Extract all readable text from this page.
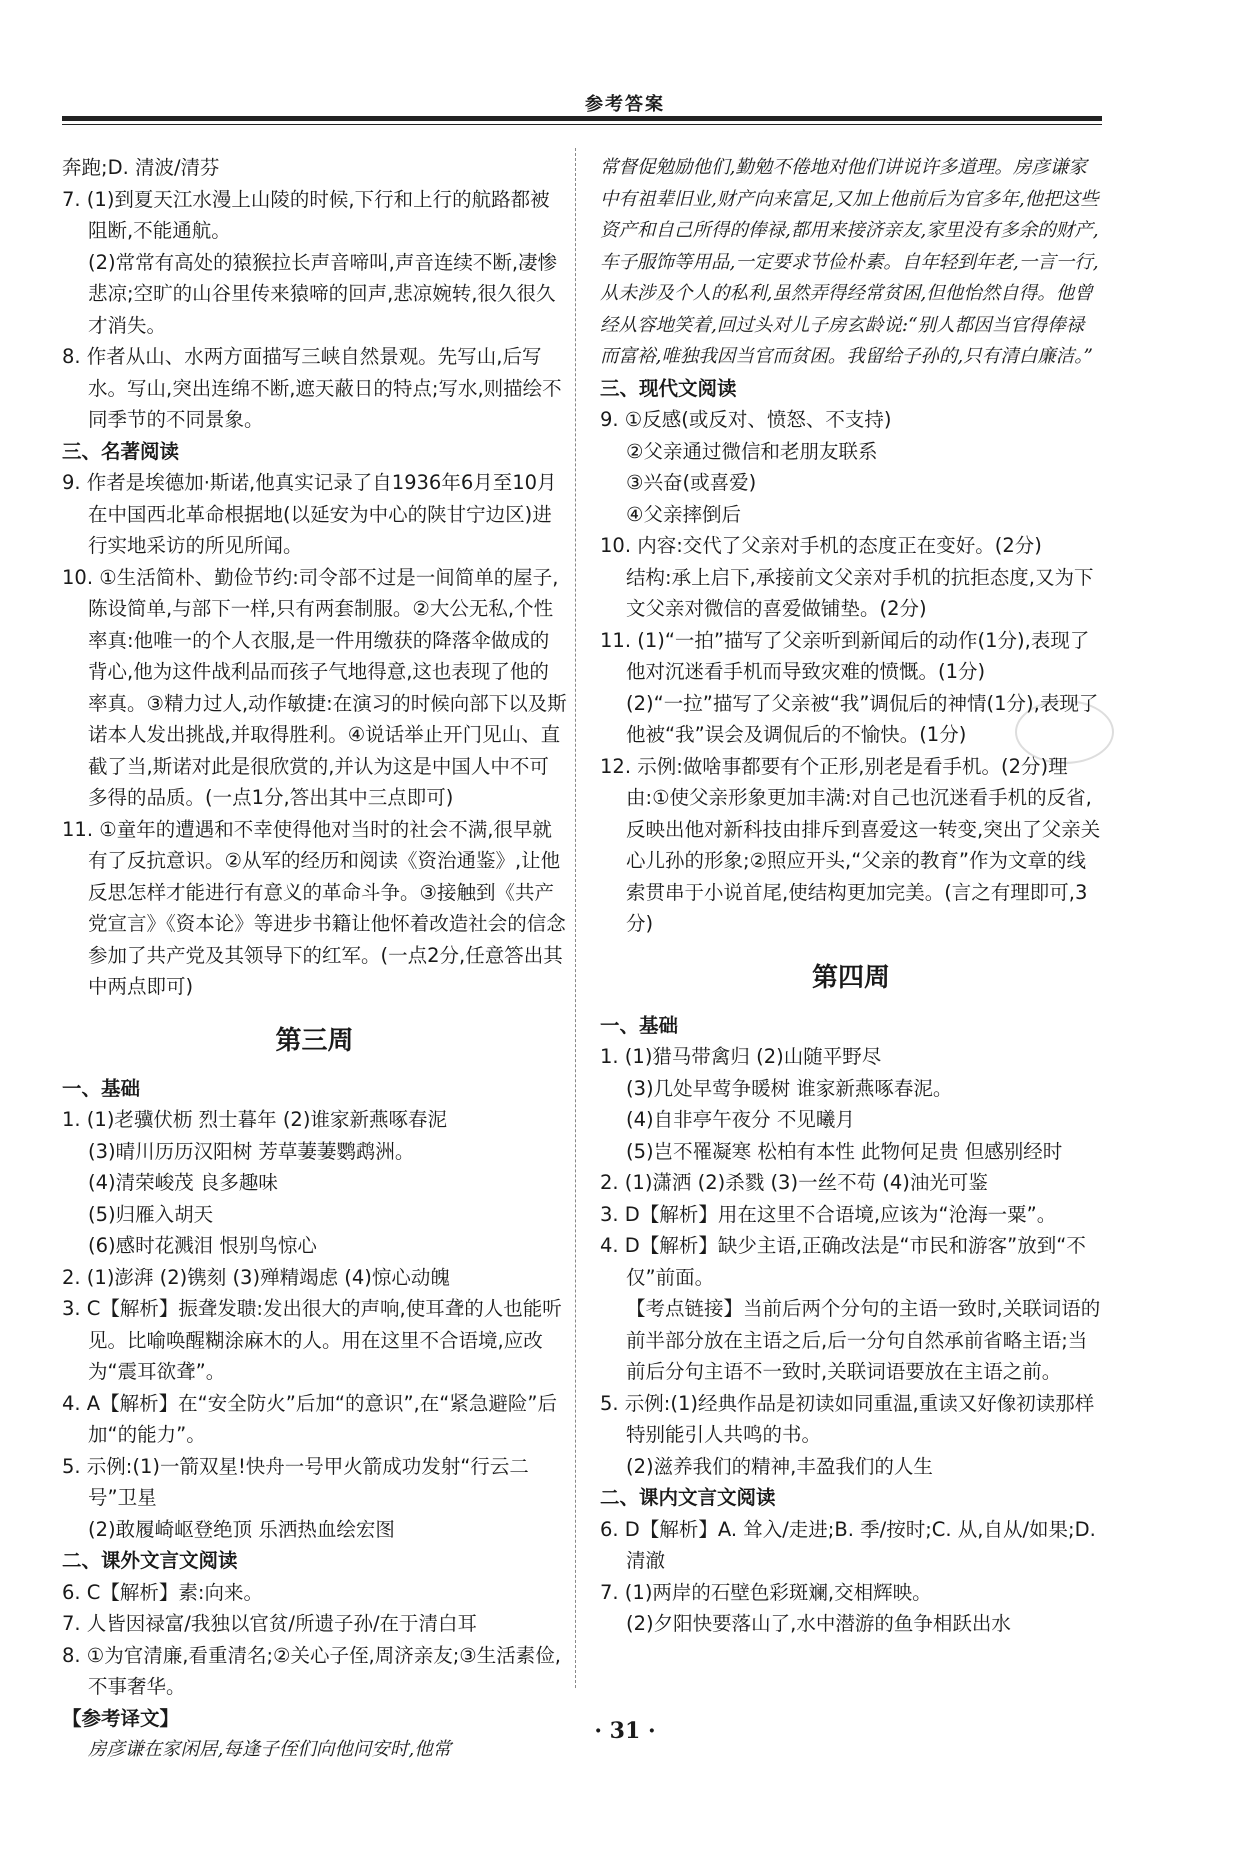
参考答案

奔跑;D. 清波/清芬

7. (1)到夏天江水漫上山陵的时候,下行和上行的航路都被阻断,不能通航。

(2)常常有高处的猿猴拉长声音啼叫,声音连续不断,凄惨悲凉;空旷的山谷里传来猿啼的回声,悲凉婉转,很久很久才消失。

8. 作者从山、水两方面描写三峡自然景观。先写山,后写水。写山,突出连绵不断,遮天蔽日的特点;写水,则描绘不同季节的不同景象。

三、名著阅读

9. 作者是埃德加·斯诺,他真实记录了自1936年6月至10月在中国西北革命根据地(以延安为中心的陕甘宁边区)进行实地采访的所见所闻。

10. ①生活简朴、勤俭节约:司令部不过是一间简单的屋子,陈设简单,与部下一样,只有两套制服。②大公无私,个性率真:他唯一的个人衣服,是一件用缴获的降落伞做成的背心,他为这件战利品而孩子气地得意,这也表现了他的率真。③精力过人,动作敏捷:在演习的时候向部下以及斯诺本人发出挑战,并取得胜利。④说话举止开门见山、直截了当,斯诺对此是很欣赏的,并认为这是中国人中不可多得的品质。(一点1分,答出其中三点即可)

11. ①童年的遭遇和不幸使得他对当时的社会不满,很早就有了反抗意识。②从军的经历和阅读《资治通鉴》,让他反思怎样才能进行有意义的革命斗争。③接触到《共产党宣言》《资本论》等进步书籍让他怀着改造社会的信念参加了共产党及其领导下的红军。(一点2分,任意答出其中两点即可)

第三周

一、基础

1. (1)老骥伏枥 烈士暮年 (2)谁家新燕啄春泥

(3)晴川历历汉阳树 芳草萋萋鹦鹉洲。

(4)清荣峻茂 良多趣味

(5)归雁入胡天

(6)感时花溅泪 恨别鸟惊心

2. (1)澎湃 (2)镌刻 (3)殚精竭虑 (4)惊心动魄

3. C【解析】振聋发聩:发出很大的声响,使耳聋的人也能听见。比喻唤醒糊涂麻木的人。用在这里不合语境,应改为“震耳欲聋”。

4. A【解析】在“安全防火”后加“的意识”,在“紧急避险”后加“的能力”。

5. 示例:(1)一箭双星!快舟一号甲火箭成功发射“行云二号”卫星

(2)敢履崎岖登绝顶 乐洒热血绘宏图

二、课外文言文阅读

6. C【解析】素:向来。

7. 人皆因禄富/我独以官贫/所遗子孙/在于清白耳

8. ①为官清廉,看重清名;②关心子侄,周济亲友;③生活素俭,不事奢华。

【参考译文】

房彦谦在家闲居,每逢子侄们向他问安时,他常

常督促勉励他们,勤勉不倦地对他们讲说许多道理。房彦谦家中有祖辈旧业,财产向来富足,又加上他前后为官多年,他把这些资产和自己所得的俸禄,都用来接济亲友,家里没有多余的财产,车子服饰等用品,一定要求节俭朴素。自年轻到年老,一言一行,从未涉及个人的私利,虽然弄得经常贫困,但他怡然自得。他曾经从容地笑着,回过头对儿子房玄龄说:“别人都因当官得俸禄而富裕,唯独我因当官而贫困。我留给子孙的,只有清白廉洁。”

三、现代文阅读

9. ①反感(或反对、愤怒、不支持)

②父亲通过微信和老朋友联系

③兴奋(或喜爱)

④父亲摔倒后

10. 内容:交代了父亲对手机的态度正在变好。(2分)

结构:承上启下,承接前文父亲对手机的抗拒态度,又为下文父亲对微信的喜爱做铺垫。(2分)

11. (1)“一拍”描写了父亲听到新闻后的动作(1分),表现了他对沉迷看手机而导致灾难的愤慨。(1分)

(2)“一拉”描写了父亲被“我”调侃后的神情(1分),表现了他被“我”误会及调侃后的不愉快。(1分)

12. 示例:做啥事都要有个正形,别老是看手机。(2分)理由:①使父亲形象更加丰满:对自己也沉迷看手机的反省,反映出他对新科技由排斥到喜爱这一转变,突出了父亲关心儿孙的形象;②照应开头,“父亲的教育”作为文章的线索贯串于小说首尾,使结构更加完美。(言之有理即可,3分)

第四周

一、基础

1. (1)猎马带禽归 (2)山随平野尽

(3)几处早莺争暖树 谁家新燕啄春泥。

(4)自非亭午夜分 不见曦月

(5)岂不罹凝寒 松柏有本性 此物何足贵 但感别经时

2. (1)潇洒 (2)杀戮 (3)一丝不苟 (4)油光可鉴

3. D【解析】用在这里不合语境,应该为“沧海一粟”。

4. D【解析】缺少主语,正确改法是“市民和游客”放到“不仅”前面。

【考点链接】当前后两个分句的主语一致时,关联词语的前半部分放在主语之后,后一分句自然承前省略主语;当前后分句主语不一致时,关联词语要放在主语之前。

5. 示例:(1)经典作品是初读如同重温,重读又好像初读那样特别能引人共鸣的书。

(2)滋养我们的精神,丰盈我们的人生

二、课内文言文阅读

6. D【解析】A. 耸入/走进;B. 季/按时;C. 从,自从/如果;D. 清澈

7. (1)两岸的石壁色彩斑斓,交相辉映。

(2)夕阳快要落山了,水中潜游的鱼争相跃出水

· 31 ·
